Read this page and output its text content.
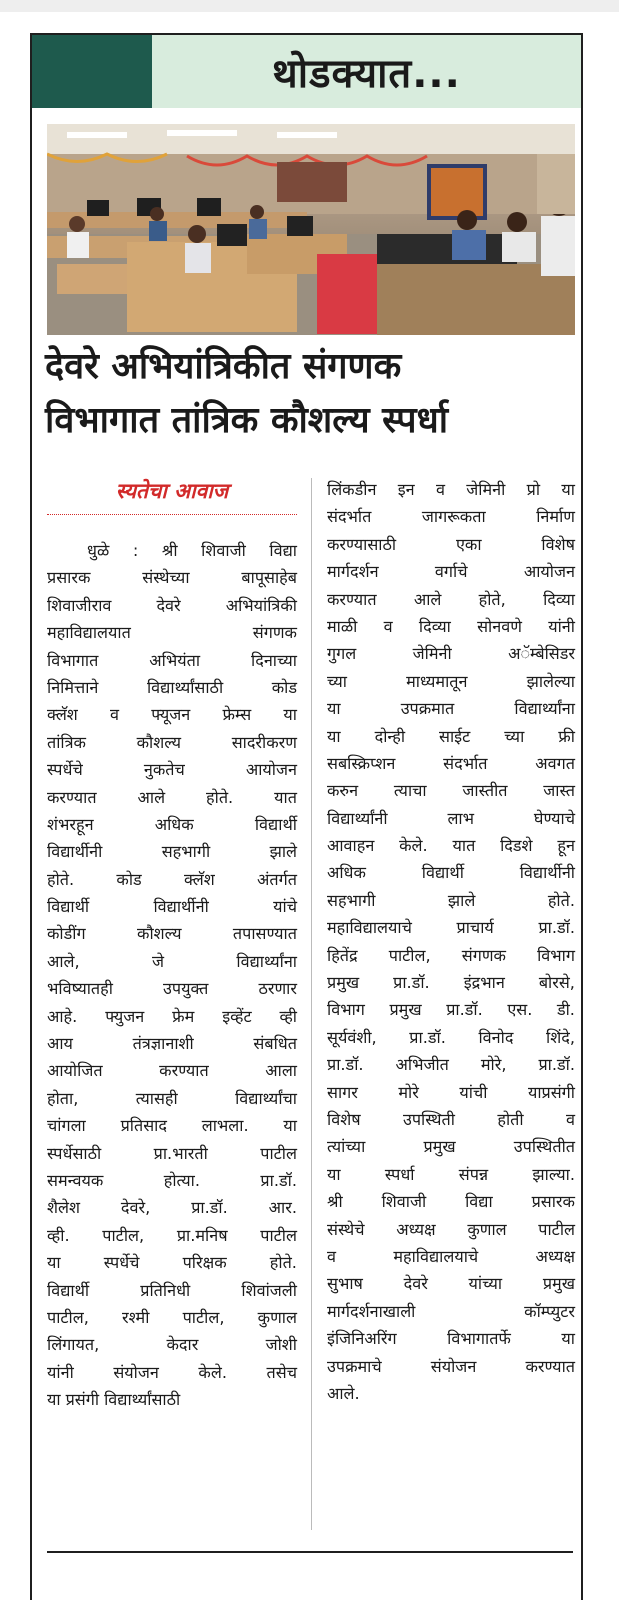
थोडक्यात...
देवरे अभियांत्रिकीत संगणक
विभागात तांत्रिक कौशल्य स्पर्धा
स्यतेचा आवाज
धुळे : श्री शिवाजी विद्या
प्रसारक	संस्थेच्या	बापूसाहेब
शिवाजीराव	देवरे	अभियांत्रिकी
महाविद्यालयात	संगणक
विभागात	अभियंता	दिनाच्या
निमित्ताने	विद्यार्थ्यांसाठी	कोड
क्लॅश व फ्यूजन फ्रेम्स या
तांत्रिक	कौशल्य	सादरीकरण
स्पर्धेचे	नुकतेच	आयोजन
करण्यात	आले	होते.	यात
शंभरहून	अधिक	विद्यार्थी
विद्यार्थीनी	सहभागी	झाले
होते.	कोड	क्लॅश	अंतर्गत
विद्यार्थी	विद्यार्थीनी	यांचे
कोडींग	कौशल्य	तपासण्यात
आले,	जे	विद्यार्थ्यांना
भविष्यातही	उपयुक्त	ठरणार
आहे. फ्युजन फ्रेम इव्हेंट व्ही
आय	तंत्रज्ञानाशी	संबधित
आयोजित	करण्यात	आला
होता,	त्यासही	विद्यार्थ्यांचा
चांगला प्रतिसाद लाभला. या
स्पर्धेसाठी	प्रा.भारती	पाटील
समन्वयक	होत्या.	प्रा.डॉ.
शैलेश	देवरे,	प्रा.डॉ.	आर.
व्ही. पाटील, प्रा.मनिष पाटील
या	स्पर्धेचे	परिक्षक	होते.
विद्यार्थी	प्रतिनिधी	शिवांजली
पाटील, रश्मी पाटील, कुणाल
लिंगायत,	केदार	जोशी
यांनी संयोजन केले. तसेच
या प्रसंगी विद्यार्थ्यांसाठी
लिंकडीन इन व जेमिनी प्रो या
संदर्भात	जागरूकता	निर्माण
करण्यासाठी	एका	विशेष
मार्गदर्शन	वर्गाचे	आयोजन
करण्यात आले होते, दिव्या
माळी व दिव्या सोनवणे यांनी
गुगल	जेमिनी	अॅम्बेसिडर
च्या	माध्यमातून	झालेल्या
या	उपक्रमात	विद्यार्थ्यांना
या दोन्ही साईट च्या फ्री
सबस्क्रिप्शन	संदर्भात	अवगत
करुन त्याचा जास्तीत जास्त
विद्यार्थ्यांनी	लाभ	घेण्याचे
आवाहन केले. यात दिडशे हून
अधिक	विद्यार्थी	विद्यार्थीनी
सहभागी	झाले	होते.
महाविद्यालयाचे	प्राचार्य	प्रा.डॉ.
हितेंद्र पाटील, संगणक विभाग
प्रमुख प्रा.डॉ. इंद्रभान बोरसे,
विभाग प्रमुख प्रा.डॉ. एस. डी.
सूर्यवंशी, प्रा.डॉ. विनोद शिंदे,
प्रा.डॉ. अभिजीत मोरे, प्रा.डॉ.
सागर	मोरे	यांची	याप्रसंगी
विशेष	उपस्थिती	होती	व
त्यांच्या	प्रमुख	उपस्थितीत
या	स्पर्धा	संपन्न	झाल्या.
श्री शिवाजी विद्या प्रसारक
संस्थेचे अध्यक्ष कुणाल पाटील
व	महाविद्यालयाचे	अध्यक्ष
सुभाष	देवरे	यांच्या	प्रमुख
मार्गदर्शनाखाली	कॉम्प्युटर
इंजिनिअरिंग	विभागातर्फे	या
उपक्रमाचे	संयोजन	करण्यात
आले.
